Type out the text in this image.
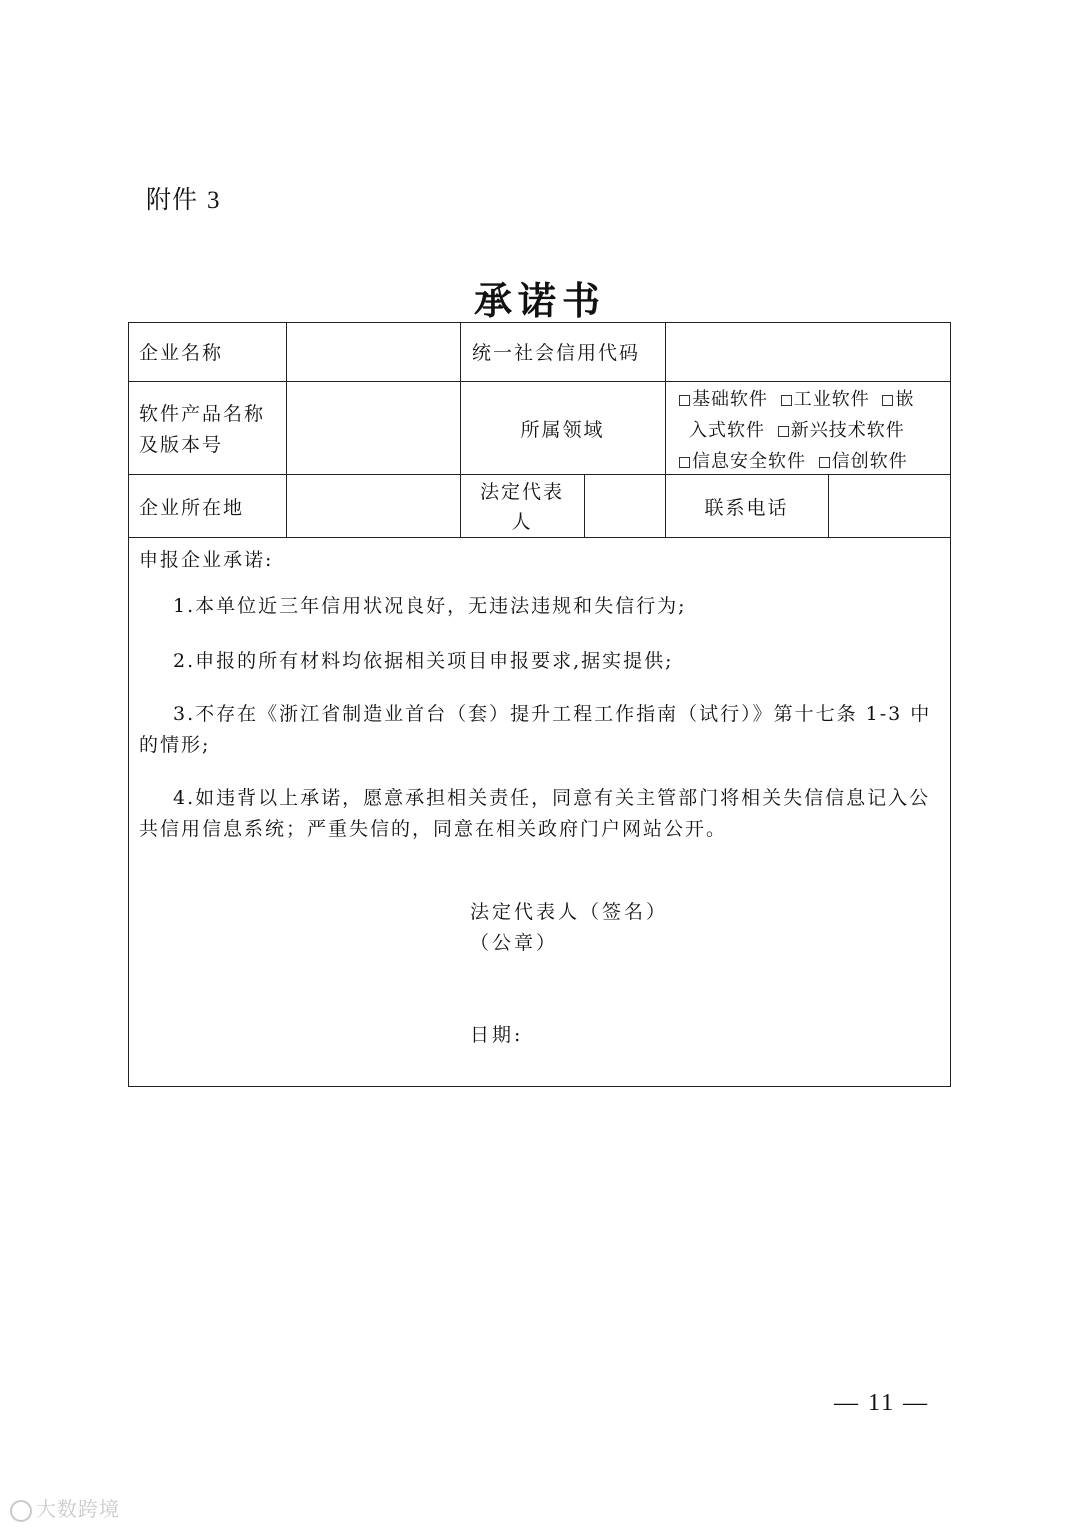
附件 3
承诺书
企业名称	统一社会信用代码
软件产品名称
及版本号
所属领域
基础软件 工业软件 嵌
入式软件 新兴技术软件
信息安全软件 信创软件
企业所在地
法定代表
人
联系电话
申报企业承诺:
1.本单位近三年信用状况良好，无违法违规和失信行为;
2.申报的所有材料均依据相关项目申报要求,据实提供;
3.不存在《浙江省制造业首台（套）提升工程工作指南（试行）》第十七条 1-3 中的情形;
4.如违背以上承诺，愿意承担相关责任，同意有关主管部门将相关失信信息记入公共信用信息系统；严重失信的，同意在相关政府门户网站公开。
法定代表人（签名）
（公章）
日期:
— 11 —
大数跨境
